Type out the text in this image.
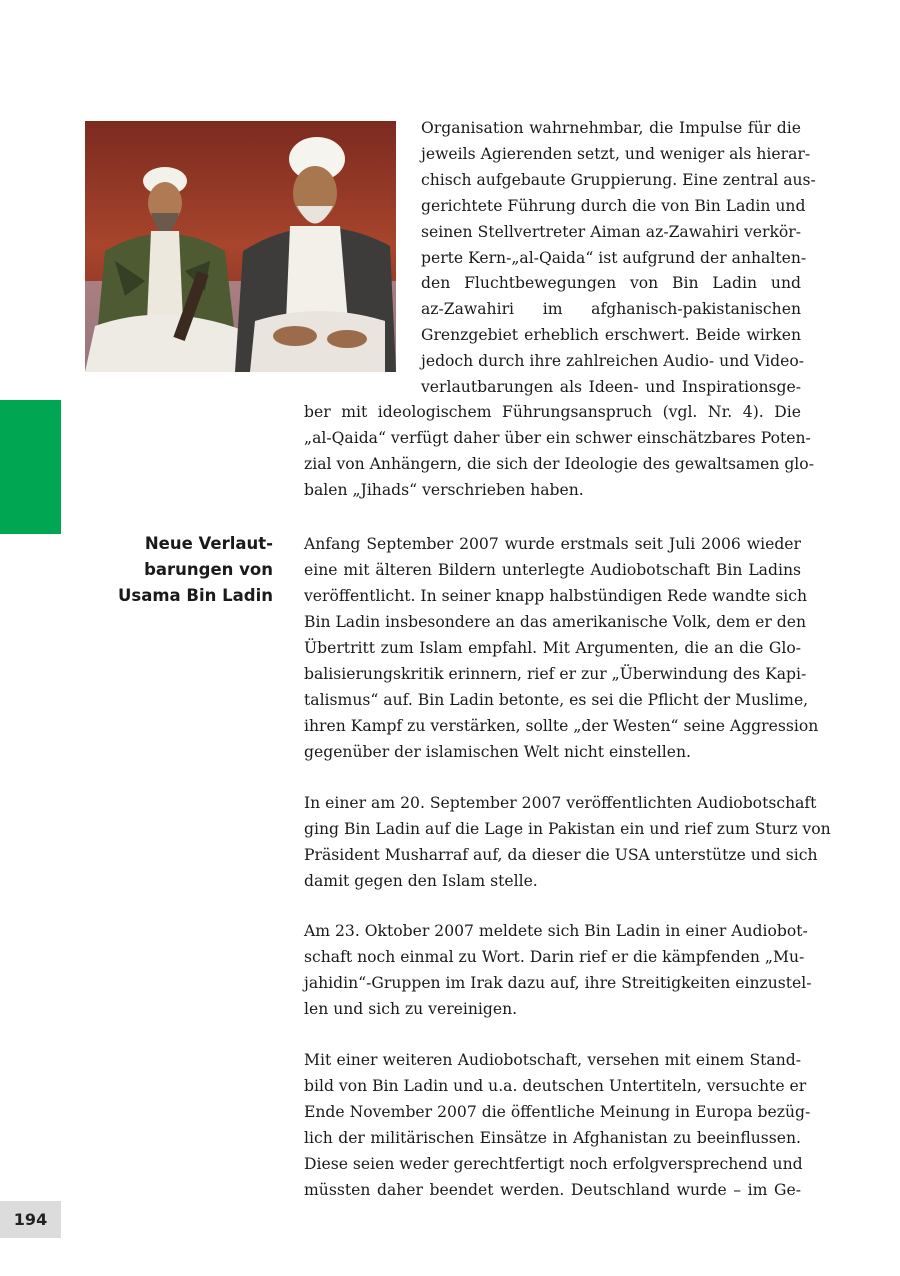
Organisation wahrnehmbar, die Impulse für die
jeweils Agierenden setzt, und weniger als hierar-
chisch aufgebaute Gruppierung. Eine zentral aus-
gerichtete Führung durch die von Bin Ladin und
seinen Stellvertreter Aiman az-Zawahiri verkör-
perte Kern-„al-Qaida“ ist aufgrund der anhalten-
den Fluchtbewegungen von Bin Ladin und
az-Zawahiri im afghanisch-pakistanischen
Grenzgebiet erheblich erschwert. Beide wirken
jedoch durch ihre zahlreichen Audio- und Video-
verlautbarungen als Ideen- und Inspirationsge-
ber mit ideologischem Führungsanspruch (vgl. Nr. 4). Die
„al-Qaida“ verfügt daher über ein schwer einschätzbares Poten-
zial von Anhängern, die sich der Ideologie des gewaltsamen glo-
balen „Jihads“ verschrieben haben.
Neue Verlaut-
barungen von
Usama Bin Ladin
Anfang September 2007 wurde erstmals seit Juli 2006 wieder
eine mit älteren Bildern unterlegte Audiobotschaft Bin Ladins
veröffentlicht. In seiner knapp halbstündigen Rede wandte sich
Bin Ladin insbesondere an das amerikanische Volk, dem er den
Übertritt zum Islam empfahl. Mit Argumenten, die an die Glo-
balisierungskritik erinnern, rief er zur „Überwindung des Kapi-
talismus“ auf. Bin Ladin betonte, es sei die Pflicht der Muslime,
ihren Kampf zu verstärken, sollte „der Westen“ seine Aggression
gegenüber der islamischen Welt nicht einstellen.
In einer am 20. September 2007 veröffentlichten Audiobotschaft
ging Bin Ladin auf die Lage in Pakistan ein und rief zum Sturz von
Präsident Musharraf auf, da dieser die USA unterstütze und sich
damit gegen den Islam stelle.
Am 23. Oktober 2007 meldete sich Bin Ladin in einer Audiobot-
schaft noch einmal zu Wort. Darin rief er die kämpfenden „Mu-
jahidin“-Gruppen im Irak dazu auf, ihre Streitigkeiten einzustel-
len und sich zu vereinigen.
Mit einer weiteren Audiobotschaft, versehen mit einem Stand-
bild von Bin Ladin und u.a. deutschen Untertiteln, versuchte er
Ende November 2007 die öffentliche Meinung in Europa bezüg-
lich der militärischen Einsätze in Afghanistan zu beeinflussen.
Diese seien weder gerechtfertigt noch erfolgversprechend und
müssten daher beendet werden. Deutschland wurde – im Ge-
194
